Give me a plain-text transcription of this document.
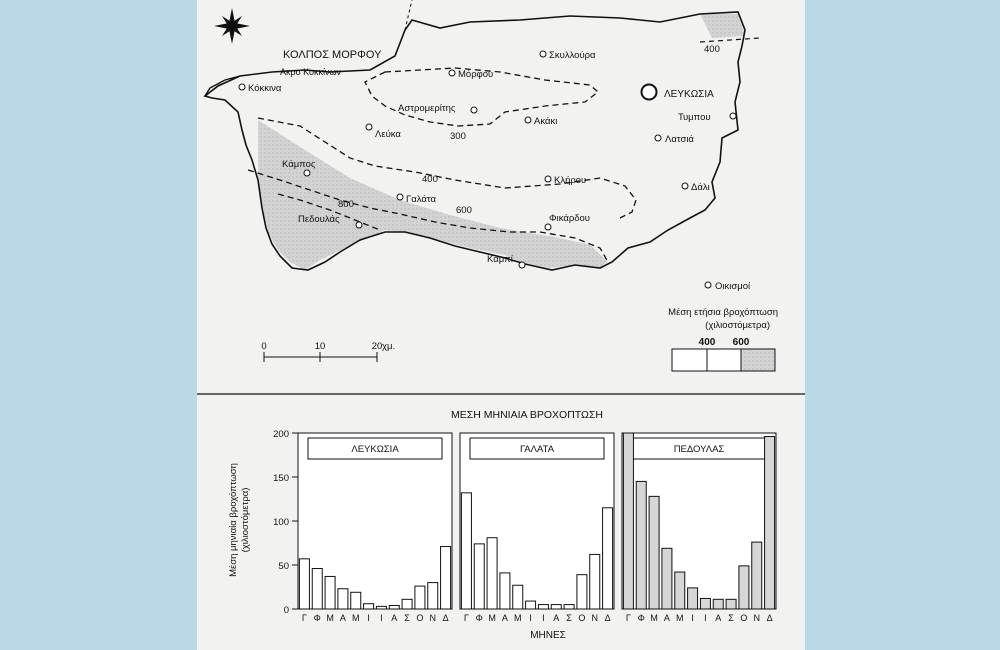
300
400
400
600
800
ΚΟΛΠΟΣ ΜΟΡΦΟΥ
Ακρο Κοκκίνων
Κόκκινα
Μόρφου
Σκυλλούρα
Αστρομερίτης
Λεύκα
Ακάκι	Τυμπου
Λατσιά
Κάμπος
Κλήρου
Γαλάτα
Δάλι
Πεδουλάς	Φικάρδου
Καμπί
ΛΕΥΚΩΣΙΑ
Οικισμοί
Μέση ετήσια βροχόπτωση
(χιλιοστόμετρα)
400 600
0	10	20 χμ.
ΜΕΣΗ ΜΗΝΙΑΙΑ ΒΡΟΧΟΠΤΩΣΗ
Μέση μηνιαία βροχόπτωση (χιλιοστόμετρα)
0
50
100
150
200
ΛΕΥΚΩΣΙΑ
Γ Φ Μ Α Μ Ι Ι Α Σ Ο Ν Δ
ΓΑΛΑΤΑ
Γ Φ Μ Α Μ Ι Ι Α Σ Ο Ν Δ
ΠΕΔΟΥΛΑΣ
Γ Φ Μ Α Μ Ι Ι Α Σ Ο Ν Δ
ΜΗΝΕΣ
